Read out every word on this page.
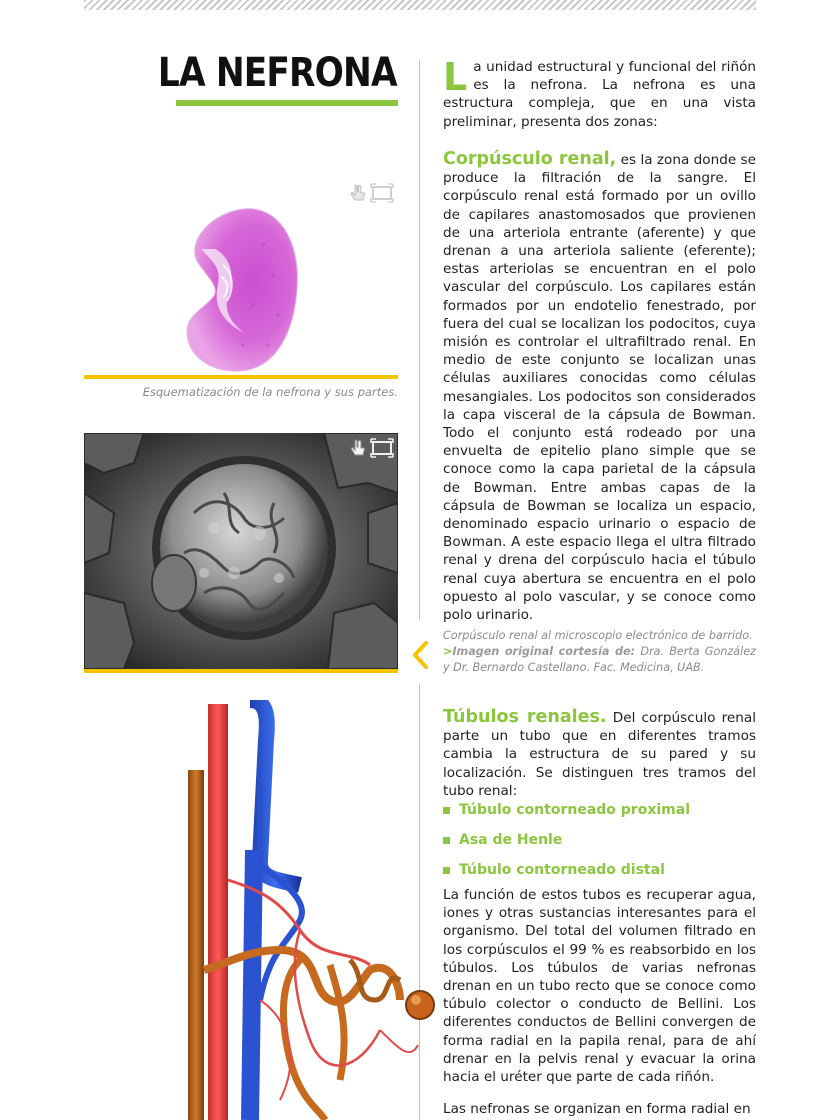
LA NEFRONA
Esquematización de la nefrona y sus partes.

La unidad estructural y funcional del riñón es la nefrona. La nefrona es una estructura compleja, que en una vista preliminar, presenta dos zonas:

Corpúsculo renal, es la zona donde se produce la filtración de la sangre. El corpúsculo renal está formado por un ovillo de capilares anastomosados que provienen de una arteriola entrante (aferente) y que drenan a una arteriola saliente (eferente); estas arteriolas se encuentran en el polo vascular del corpúsculo. Los capilares están formados por un endotelio fenestrado, por fuera del cual se localizan los podocitos, cuya misión es controlar el ultrafiltrado renal. En medio de este conjunto se localizan unas células auxiliares conocidas como células mesangiales. Los podocitos son considerados la capa visceral de la cápsula de Bowman. Todo el conjunto está rodeado por una envuelta de epitelio plano simple que se conoce como la capa parietal de la cápsula de Bowman. Entre ambas capas de la cápsula de Bowman se localiza un espacio, denominado espacio urinario o espacio de Bowman. A este espacio llega el ultra filtrado renal y drena del corpúsculo hacia el túbulo renal cuya abertura se encuentra en el polo opuesto al polo vascular, y se conoce como polo urinario.

Corpúsculo renal al microscopio electrónico de barrido.
>Imagen original cortesía de: Dra. Berta González y Dr. Bernardo Castellano. Fac. Medicina, UAB.

Túbulos renales. Del corpúsculo renal parte un tubo que en diferentes tramos cambia la estructura de su pared y su localización. Se distinguen tres tramos del tubo renal:

Túbulo contorneado proximal
Asa de Henle
Túbulo contorneado distal

La función de estos tubos es recuperar agua, iones y otras sustancias interesantes para el organismo. Del total del volumen filtrado en los corpúsculos el 99 % es reabsorbido en los túbulos. Los túbulos de varias nefronas drenan en un tubo recto que se conoce como túbulo colector o conducto de Bellini. Los diferentes conductos de Bellini convergen de forma radial en la papila renal, para de ahí drenar en la pelvis renal y evacuar la orina hacia el uréter que parte de cada riñón.

Las nefronas se organizan en forma radial en
